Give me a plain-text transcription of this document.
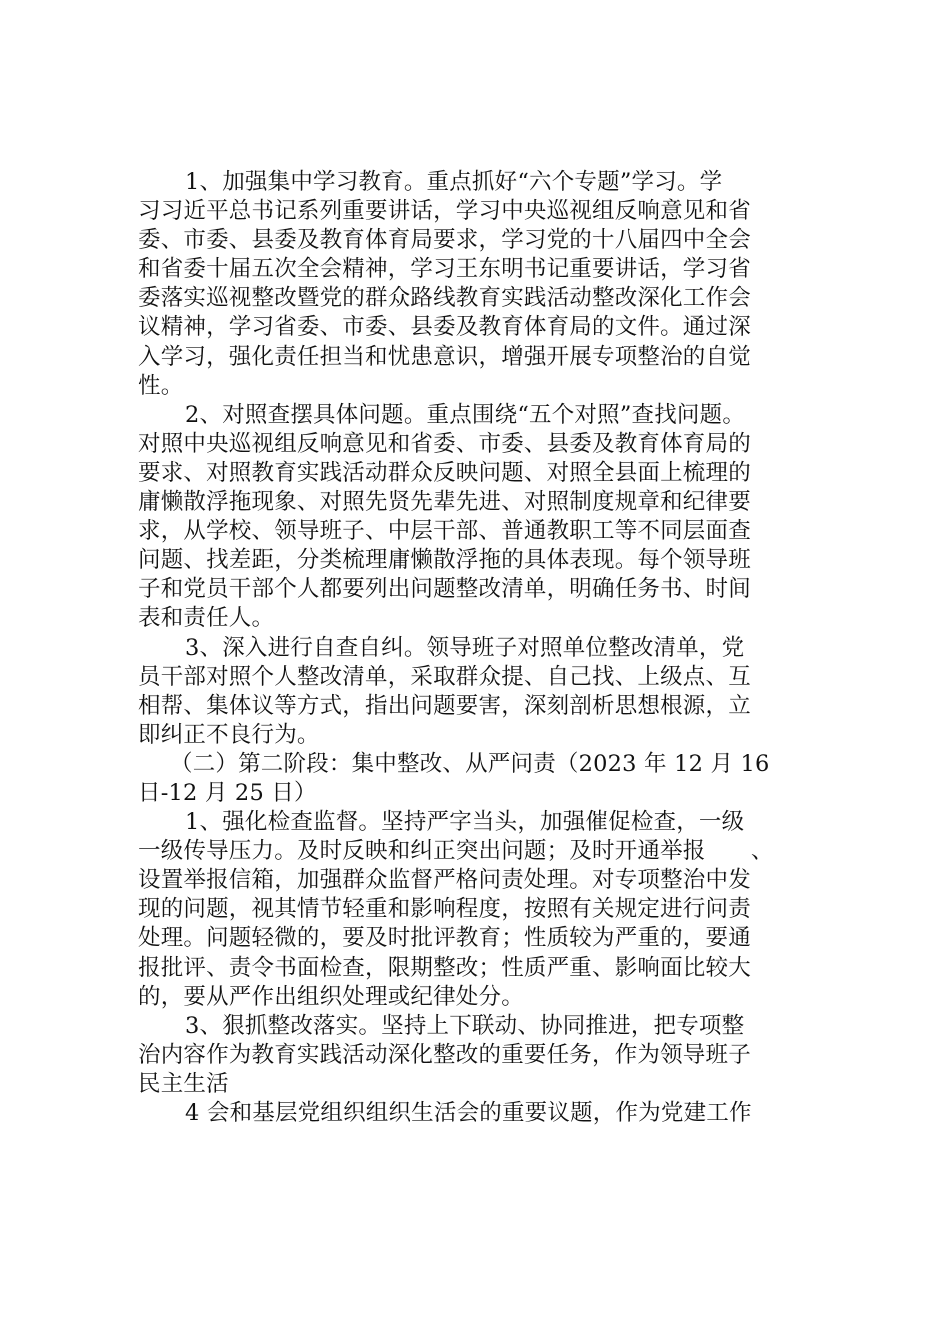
1、加强集中学习教育。重点抓好“六个专题”学习。学
习习近平总书记系列重要讲话，学习中央巡视组反响意见和省
委、市委、县委及教育体育局要求，学习党的十八届四中全会
和省委十届五次全会精神，学习王东明书记重要讲话，学习省
委落实巡视整改暨党的群众路线教育实践活动整改深化工作会
议精神，学习省委、市委、县委及教育体育局的文件。通过深
入学习，强化责任担当和忧患意识，增强开展专项整治的自觉
性。
2、对照查摆具体问题。重点围绕“五个对照”查找问题。
对照中央巡视组反响意见和省委、市委、县委及教育体育局的
要求、对照教育实践活动群众反映问题、对照全县面上梳理的
庸懒散浮拖现象、对照先贤先辈先进、对照制度规章和纪律要
求，从学校、领导班子、中层干部、普通教职工等不同层面查
问题、找差距，分类梳理庸懒散浮拖的具体表现。每个领导班
子和党员干部个人都要列出问题整改清单，明确任务书、时间
表和责任人。
3、深入进行自查自纠。领导班子对照单位整改清单，党
员干部对照个人整改清单，采取群众提、自己找、上级点、互
相帮、集体议等方式，指出问题要害，深刻剖析思想根源，立
即纠正不良行为。
（二）第二阶段：集中整改、从严问责（2023 年 12 月 16
日-12 月 25 日）
1、强化检查监督。坚持严字当头，加强催促检查，一级
一级传导压力。及时反映和纠正突出问题；及时开通举报　　、
设置举报信箱，加强群众监督严格问责处理。对专项整治中发
现的问题，视其情节轻重和影响程度，按照有关规定进行问责
处理。问题轻微的，要及时批评教育；性质较为严重的，要通
报批评、责令书面检查，限期整改；性质严重、影响面比较大
的，要从严作出组织处理或纪律处分。
3、狠抓整改落实。坚持上下联动、协同推进，把专项整
治内容作为教育实践活动深化整改的重要任务，作为领导班子
民主生活
4 会和基层党组织组织生活会的重要议题，作为党建工作
